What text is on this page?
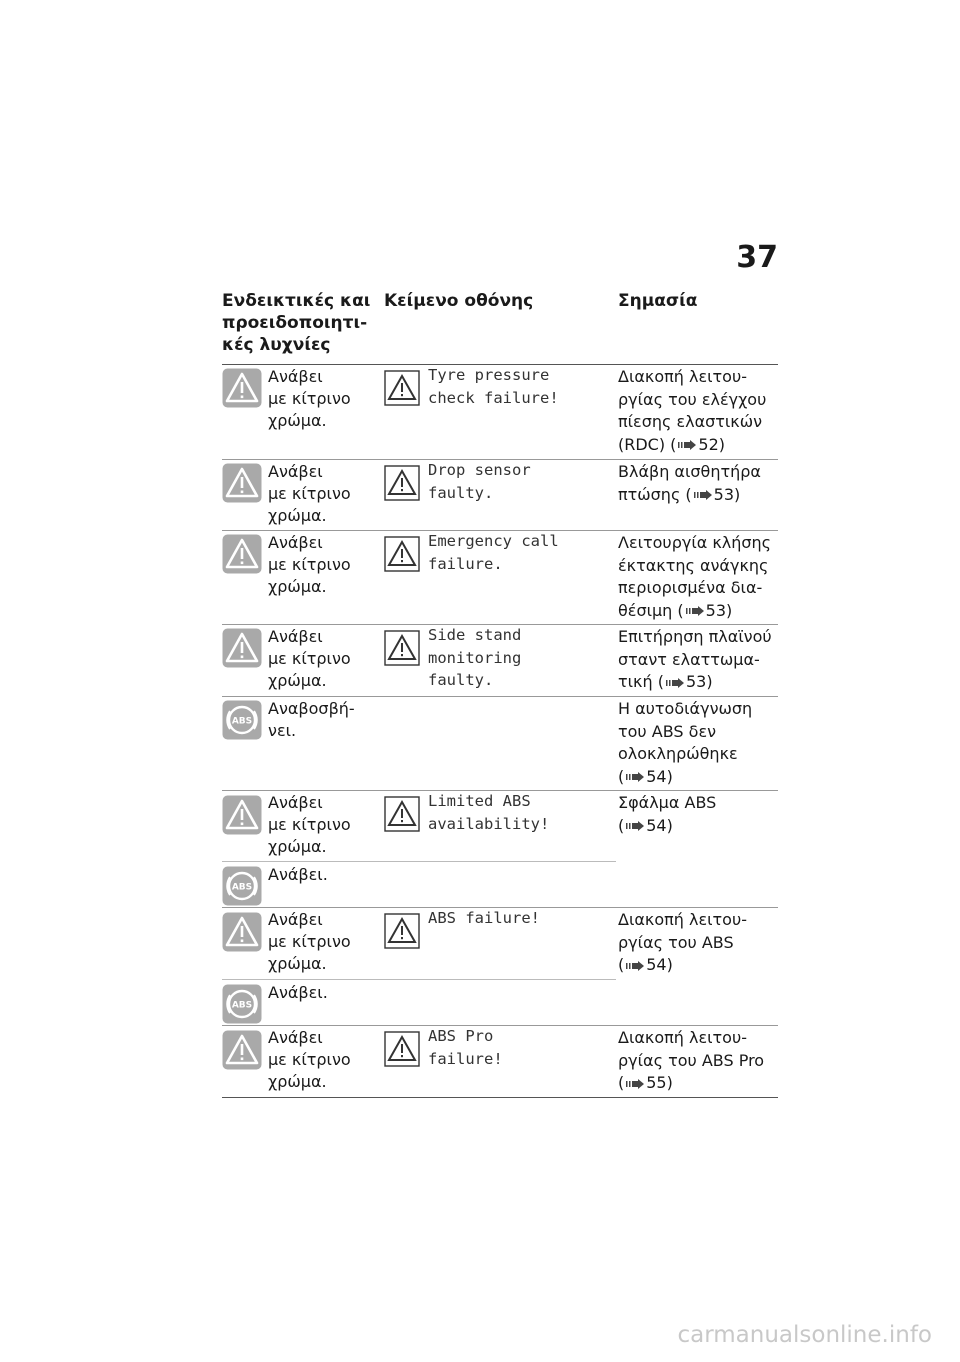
37
Ενδεικτικές και
προειδοποιητι-
κές λυχνίες
Κείμενο οθόνης	Σημασία
Ανάβει
με κίτρινο
χρώμα.
Tyre pressure
check failure!
Διακοπή λειτου-
ργίας του ελέγχου
πίεσης ελαστικών
(RDC) ( 52)
Ανάβει
με κίτρινο
χρώμα.
Drop sensor
faulty.
Βλάβη αισθητήρα
πτώσης ( 53)
Ανάβει
με κίτρινο
χρώμα.
Emergency call
failure.
Λειτουργία κλήσης
έκτακτης ανάγκης
περιορισμένα δια-
θέσιμη ( 53)
Ανάβει
με κίτρινο
χρώμα.
Side stand
monitoring
faulty.
Επιτήρηση πλαϊνού
σταντ ελαττωμα-
τική ( 53)
Αναβοσβή-
νει.
Η αυτοδιάγνωση
του ABS δεν
ολοκληρώθηκε
( 54)
Ανάβει
με κίτρινο
χρώμα.
Limited ABS
availability!
Σφάλμα ABS
( 54)
Ανάβει.
Ανάβει
με κίτρινο
χρώμα.
ABS failure!	Διακοπή λειτου-
ργίας του ABS
( 54)
Ανάβει.
Ανάβει
με κίτρινο
χρώμα.
ABS Pro
failure!
Διακοπή λειτου-
ργίας του ABS Pro
( 55)
carmanualsonline.info
